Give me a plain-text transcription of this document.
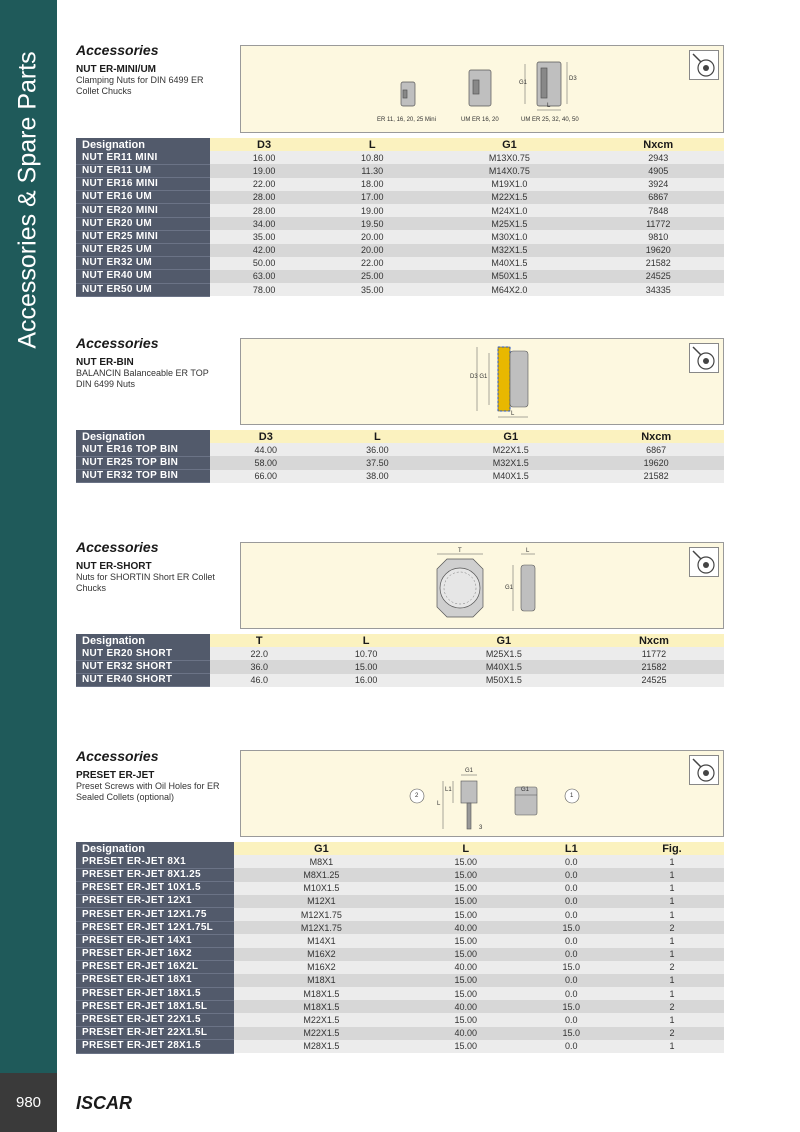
Accessories & Spare Parts
980	ISCAR
Accessories
NUT ER-MINI/UM
Clamping Nuts for DIN 6499 ER Collet Chucks
G1
D3
L
ER 11, 16, 20, 25 Mini	UM ER 16, 20	UM ER 25, 32, 40, 50
Designation	D3	L	G1	Nxcm
NUT ER11 MINI	16.00	10.80	M13X0.75	2943
NUT ER11 UM	19.00	11.30	M14X0.75	4905
NUT ER16 MINI	22.00	18.00	M19X1.0	3924
NUT ER16 UM	28.00	17.00	M22X1.5	6867
NUT ER20 MINI	28.00	19.00	M24X1.0	7848
NUT ER20 UM	34.00	19.50	M25X1.5	11772
NUT ER25 MINI	35.00	20.00	M30X1.0	9810
NUT ER25 UM	42.00	20.00	M32X1.5	19620
NUT ER32 UM	50.00	22.00	M40X1.5	21582
NUT ER40 UM	63.00	25.00	M50X1.5	24525
NUT ER50 UM	78.00	35.00	M64X2.0	34335
Accessories
NUT ER-BIN
BALANCIN Balanceable ER TOP DIN 6499 Nuts
D3 G1
L
Designation	D3	L	G1	Nxcm
NUT ER16 TOP BIN	44.00	36.00	M22X1.5	6867
NUT ER25 TOP BIN	58.00	37.50	M32X1.5	19620
NUT ER32 TOP BIN	66.00	38.00	M40X1.5	21582
Accessories
NUT ER-SHORT
Nuts for SHORTIN Short ER Collet Chucks
T	L
G1
Designation	T	L	G1	Nxcm
NUT ER20 SHORT	22.0	10.70	M25X1.5	11772
NUT ER32 SHORT	36.0	15.00	M40X1.5	21582
NUT ER40 SHORT	46.0	16.00	M50X1.5	24525
Accessories
PRESET ER-JET
Preset Screws with Oil Holes for ER Sealed Collets (optional)
G1
L1
L
3
2	1
G1
Designation	G1	L	L1	Fig.
PRESET ER-JET 8X1	M8X1	15.00	0.0	1
PRESET ER-JET 8X1.25	M8X1.25	15.00	0.0	1
PRESET ER-JET 10X1.5	M10X1.5	15.00	0.0	1
PRESET ER-JET 12X1	M12X1	15.00	0.0	1
PRESET ER-JET 12X1.75	M12X1.75	15.00	0.0	1
PRESET ER-JET 12X1.75L	M12X1.75	40.00	15.0	2
PRESET ER-JET 14X1	M14X1	15.00	0.0	1
PRESET ER-JET 16X2	M16X2	15.00	0.0	1
PRESET ER-JET 16X2L	M16X2	40.00	15.0	2
PRESET ER-JET 18X1	M18X1	15.00	0.0	1
PRESET ER-JET 18X1.5	M18X1.5	15.00	0.0	1
PRESET ER-JET 18X1.5L	M18X1.5	40.00	15.0	2
PRESET ER-JET 22X1.5	M22X1.5	15.00	0.0	1
PRESET ER-JET 22X1.5L	M22X1.5	40.00	15.0	2
PRESET ER-JET 28X1.5	M28X1.5	15.00	0.0	1
